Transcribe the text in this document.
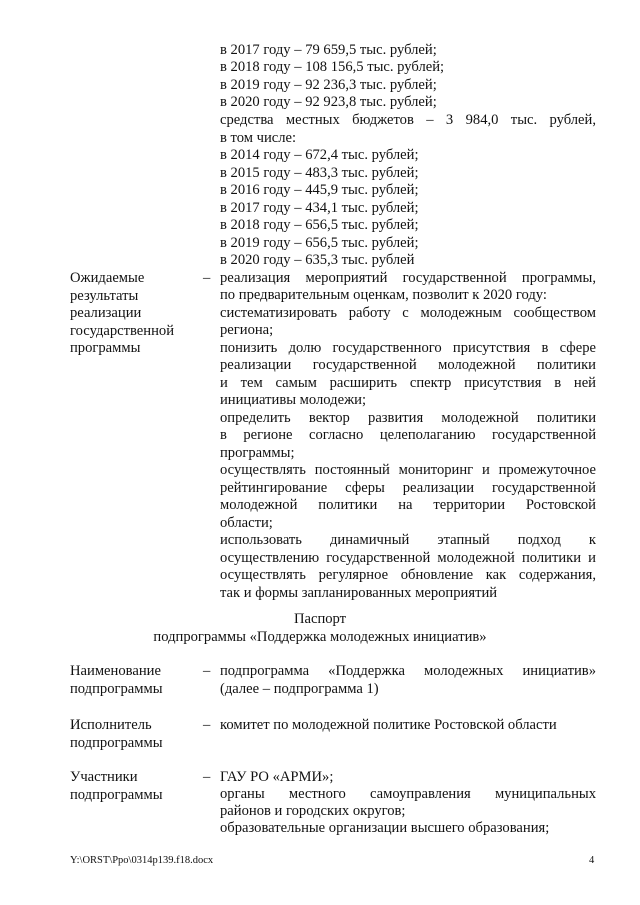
в 2017 году – 79 659,5 тыс. рублей;
в 2018 году – 108 156,5 тыс. рублей;
в 2019 году – 92 236,3 тыс. рублей;
в 2020 году – 92 923,8 тыс. рублей;
средства местных бюджетов – 3 984,0 тыс. рублей,
в том числе:
в 2014 году – 672,4 тыс. рублей;
в 2015 году – 483,3 тыс. рублей;
в 2016 году – 445,9 тыс. рублей;
в 2017 году – 434,1 тыс. рублей;
в 2018 году – 656,5 тыс. рублей;
в 2019 году – 656,5 тыс. рублей;
в 2020 году – 635,3 тыс. рублей
Ожидаемые
результаты
реализации
государственной
программы
– реализация мероприятий государственной программы,
по предварительным оценкам, позволит к 2020 году:
систематизировать работу с молодежным сообществом
региона;
понизить долю государственного присутствия в сфере
реализации государственной молодежной политики
и тем самым расширить спектр присутствия в ней
инициативы молодежи;
определить вектор развития молодежной политики
в регионе согласно целеполаганию государственной
программы;
осуществлять постоянный мониторинг и промежуточное
рейтингирование сферы реализации государственной
молодежной политики на территории Ростовской
области;
использовать динамичный этапный подход к
осуществлению государственной молодежной политики и
осуществлять регулярное обновление как содержания,
так и формы запланированных мероприятий
Паспорт
подпрограммы «Поддержка молодежных инициатив»
Наименование
подпрограммы
– подпрограмма «Поддержка молодежных инициатив»
(далее – подпрограмма 1)
Исполнитель
подпрограммы
– комитет по молодежной политике Ростовской области
Участники
подпрограммы
– ГАУ РО «АРМИ»;
органы местного самоуправления муниципальных
районов и городских округов;
образовательные организации высшего образования;
Y:\ORST\Ppo\0314p139.f18.docx	4
